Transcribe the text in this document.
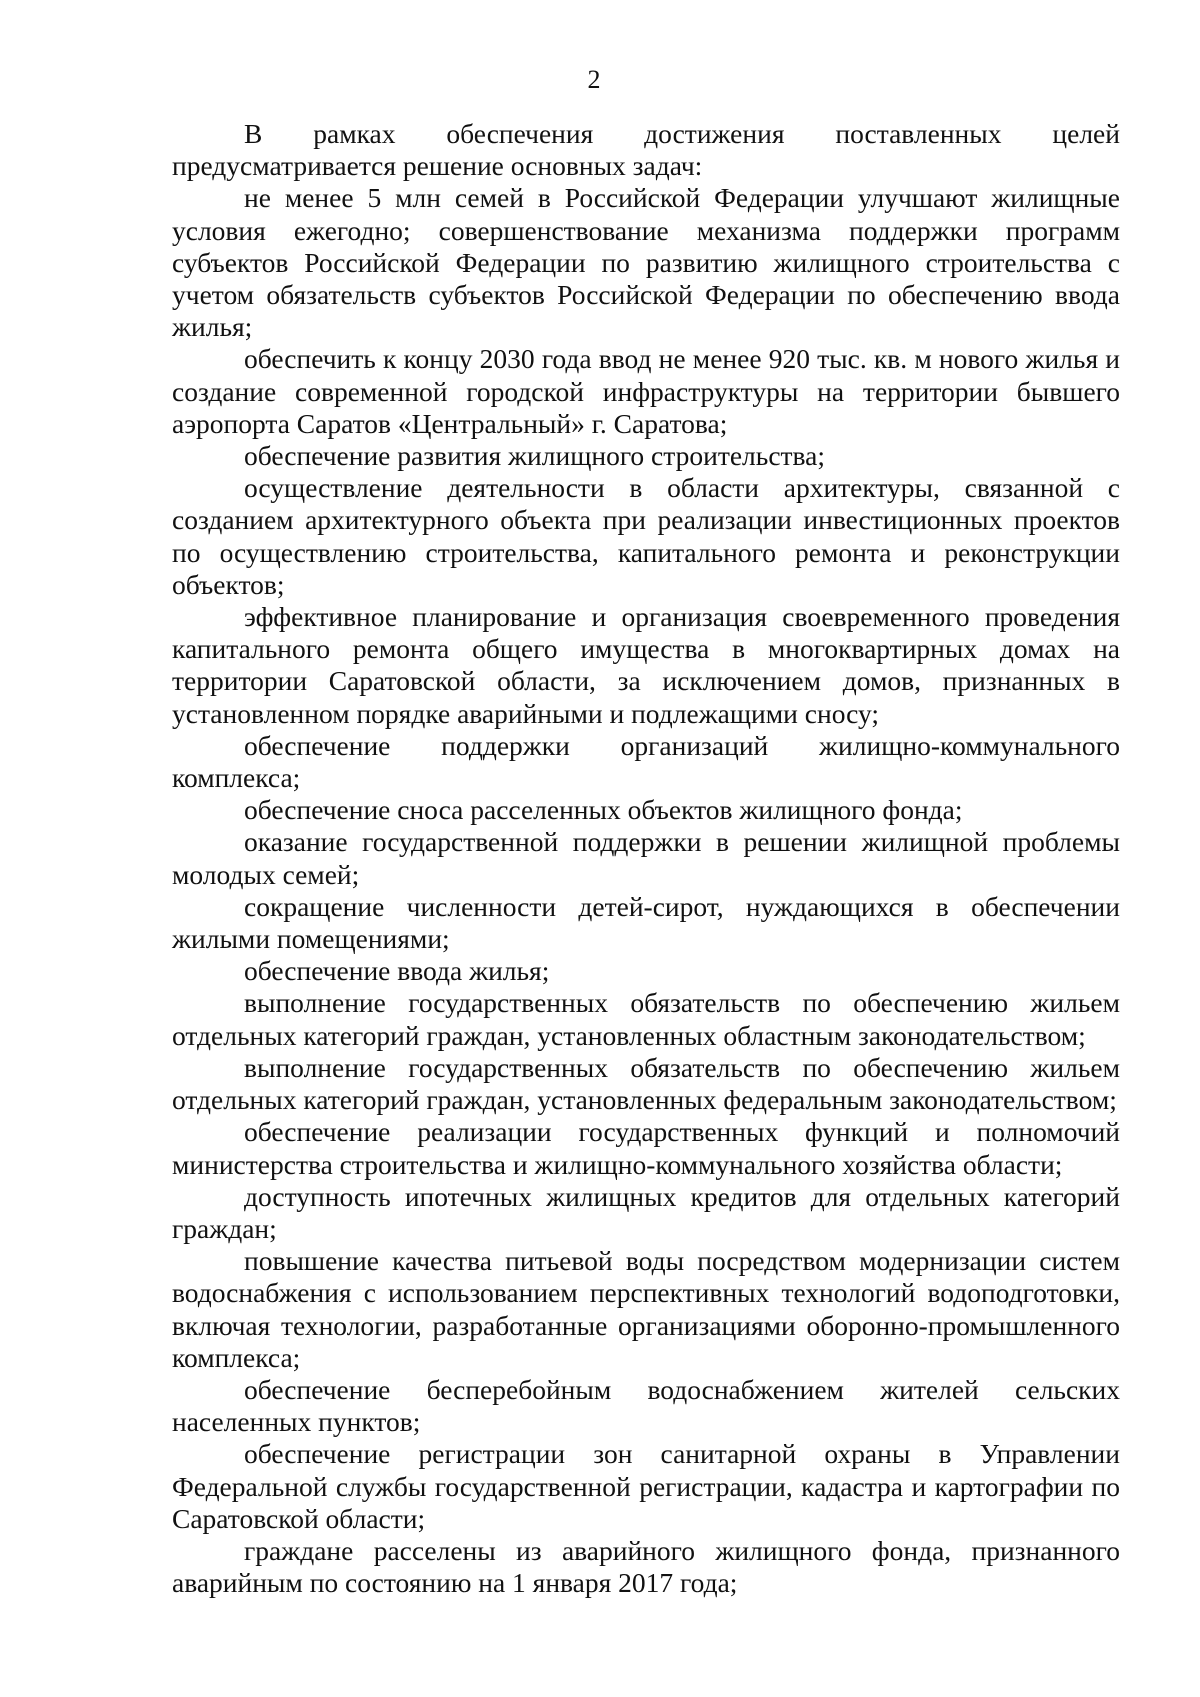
2

В рамках обеспечения достижения поставленных целей предусматривается решение основных задач:

не менее 5 млн семей в Российской Федерации улучшают жилищные условия ежегодно; совершенствование механизма поддержки программ субъектов Российской Федерации по развитию жилищного строительства с учетом обязательств субъектов Российской Федерации по обеспечению ввода жилья;

обеспечить к концу 2030 года ввод не менее 920 тыс. кв. м нового жилья и создание современной городской инфраструктуры на территории бывшего аэропорта Саратов «Центральный» г. Саратова;

обеспечение развития жилищного строительства;

осуществление деятельности в области архитектуры, связанной с созданием архитектурного объекта при реализации инвестиционных проектов по осуществлению строительства, капитального ремонта и реконструкции объектов;

эффективное планирование и организация своевременного проведения капитального ремонта общего имущества в многоквартирных домах на территории Саратовской области, за исключением домов, признанных в установленном порядке аварийными и подлежащими сносу;

обеспечение поддержки организаций жилищно-коммунального комплекса;

обеспечение сноса расселенных объектов жилищного фонда;

оказание государственной поддержки в решении жилищной проблемы молодых семей;

сокращение численности детей-сирот, нуждающихся в обеспечении жилыми помещениями;

обеспечение ввода жилья;

выполнение государственных обязательств по обеспечению жильем отдельных категорий граждан, установленных областным законодательством;

выполнение государственных обязательств по обеспечению жильем отдельных категорий граждан, установленных федеральным законодательством;

обеспечение реализации государственных функций и полномочий министерства строительства и жилищно-коммунального хозяйства области;

доступность ипотечных жилищных кредитов для отдельных категорий граждан;

повышение качества питьевой воды посредством модернизации систем водоснабжения с использованием перспективных технологий водоподготовки, включая технологии, разработанные организациями оборонно-промышленного комплекса;

обеспечение бесперебойным водоснабжением жителей сельских населенных пунктов;

обеспечение регистрации зон санитарной охраны в Управлении Федеральной службы государственной регистрации, кадастра и картографии по Саратовской области;

граждане расселены из аварийного жилищного фонда, признанного аварийным по состоянию на 1 января 2017 года;
